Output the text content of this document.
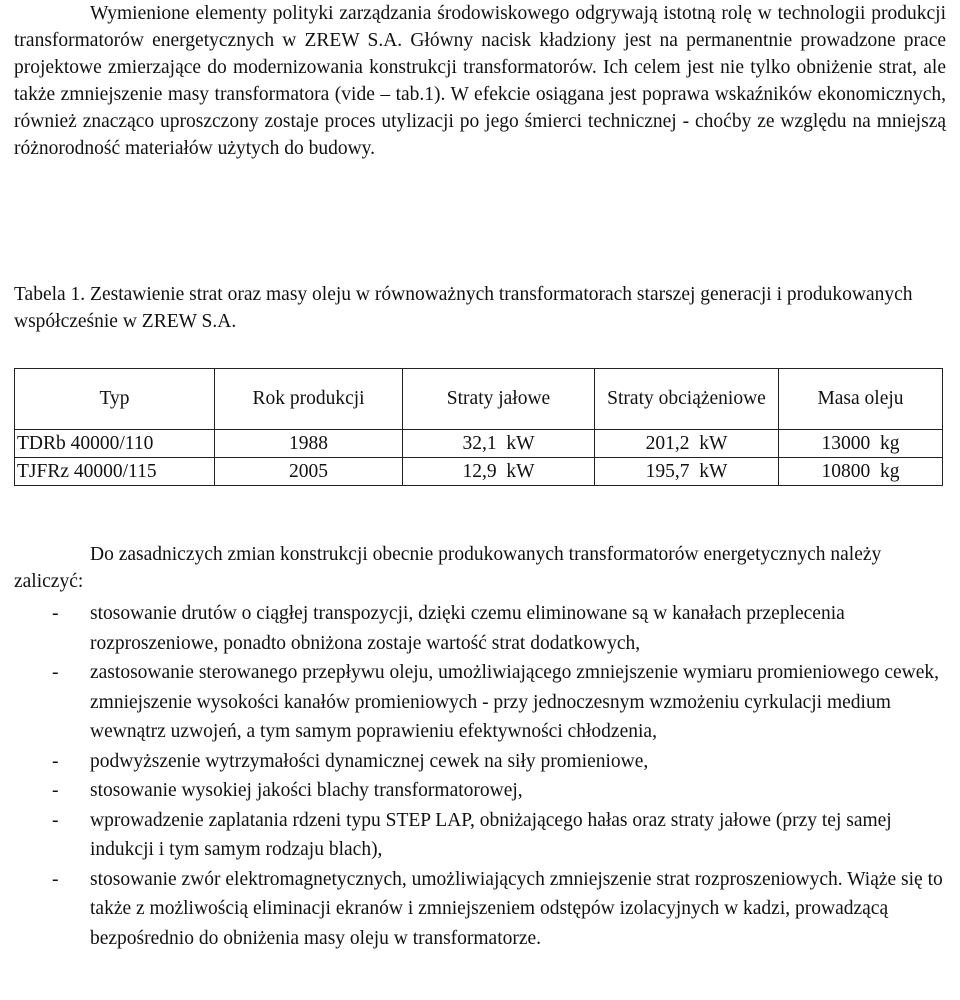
Wymienione elementy polityki zarządzania środowiskowego odgrywają istotną rolę w technologii produkcji transformatorów energetycznych w ZREW S.A. Główny nacisk kładziony jest na permanentnie prowadzone prace projektowe zmierzające do modernizowania konstrukcji transformatorów. Ich celem jest nie tylko obniżenie strat, ale także zmniejszenie masy transformatora (vide – tab.1). W efekcie osiągana jest poprawa wskaźników ekonomicznych, również znacząco uproszczony zostaje proces utylizacji po jego śmierci technicznej - choćby ze względu na mniejszą różnorodność materiałów użytych do budowy.

Tabela 1. Zestawienie strat oraz masy oleju w równoważnych transformatorach starszej generacji i produkowanych współcześnie w ZREW S.A.

Typ	Rok produkcji	Straty jałowe	Straty obciążeniowe	Masa oleju
TDRb 40000/110	1988	32,1  kW	201,2  kW	13000  kg
TJFRz 40000/115	2005	12,9  kW	195,7  kW	10800  kg

Do zasadniczych zmian konstrukcji obecnie produkowanych transformatorów energetycznych należy zaliczyć:

- stosowanie drutów o ciągłej transpozycji, dzięki czemu eliminowane są w kanałach przeplecenia rozproszeniowe, ponadto obniżona zostaje wartość strat dodatkowych,
- zastosowanie sterowanego przepływu oleju, umożliwiającego zmniejszenie wymiaru promieniowego cewek, zmniejszenie wysokości kanałów promieniowych - przy jednoczesnym wzmożeniu cyrkulacji medium wewnątrz uzwojeń, a tym samym poprawieniu efektywności chłodzenia,
- podwyższenie wytrzymałości dynamicznej cewek na siły promieniowe,
- stosowanie wysokiej jakości blachy transformatorowej,
- wprowadzenie zaplatania rdzeni typu STEP LAP, obniżającego hałas oraz straty jałowe (przy tej samej indukcji i tym samym rodzaju blach),
- stosowanie zwór elektromagnetycznych, umożliwiających zmniejszenie strat rozproszeniowych. Wiąże się to także z możliwością eliminacji ekranów i zmniejszeniem odstępów izolacyjnych w kadzi, prowadzącą bezpośrednio do obniżenia masy oleju w transformatorze.
